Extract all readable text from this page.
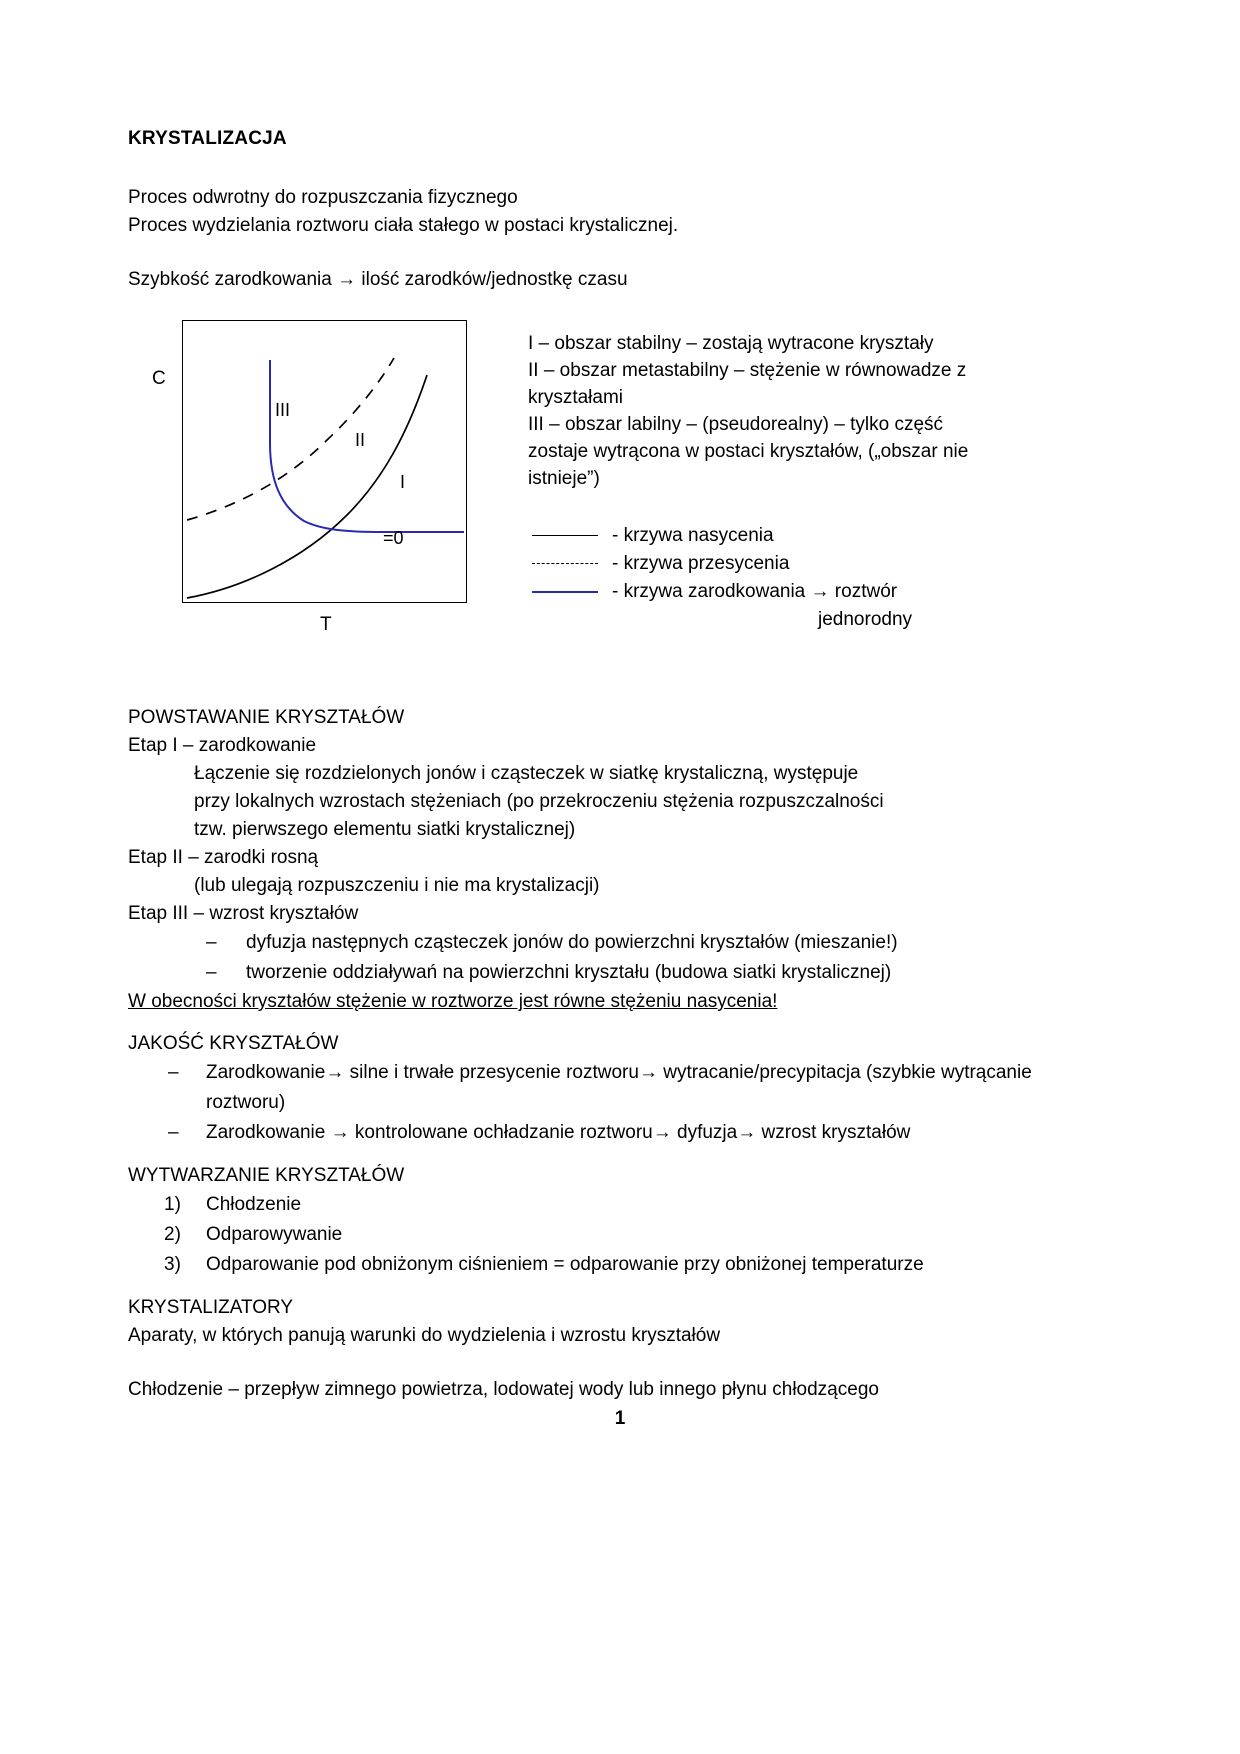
KRYSTALIZACJA

Proces odwrotny do rozpuszczania fizycznego

Proces wydzielania roztworu ciała stałego w postaci krystalicznej.

Szybkość zarodkowania → ilość zarodków/jednostkę czasu

C
III
II
I
=0
T

I – obszar stabilny – zostają wytracone kryształy

II – obszar metastabilny – stężenie w równowadze z

kryształami

III – obszar labilny – (pseudorealny) – tylko część

zostaje wytrącona w postaci kryształów, („obszar nie

istnieje”)

- krzywa nasycenia
- krzywa przesycenia
- krzywa zarodkowania → roztwór
jednorodny

POWSTAWANIE KRYSZTAŁÓW

Etap I – zarodkowanie

Łączenie się rozdzielonych jonów i cząsteczek w siatkę krystaliczną, występuje

przy lokalnych wzrostach stężeniach (po przekroczeniu stężenia rozpuszczalności

tzw. pierwszego elementu siatki krystalicznej)

Etap II – zarodki rosną

(lub ulegają rozpuszczeniu i nie ma krystalizacji)

Etap III – wzrost kryształów

– dyfuzja następnych cząsteczek jonów do powierzchni kryształów (mieszanie!)
– tworzenie oddziaływań na powierzchni kryształu (budowa siatki krystalicznej)

W obecności kryształów stężenie w roztworze jest równe stężeniu nasycenia!

JAKOŚĆ KRYSZTAŁÓW

– Zarodkowanie→ silne i trwałe przesycenie roztworu→ wytracanie/precypitacja (szybkie wytrącanie roztworu)
– Zarodkowanie → kontrolowane ochładzanie roztworu→ dyfuzja→ wzrost kryształów

WYTWARZANIE KRYSZTAŁÓW

1) Chłodzenie
2) Odparowywanie
3) Odparowanie pod obniżonym ciśnieniem = odparowanie przy obniżonej temperaturze

KRYSTALIZATORY

Aparaty, w których panują warunki do wydzielenia i wzrostu kryształów

Chłodzenie – przepływ zimnego powietrza, lodowatej wody lub innego płynu chłodzącego

1
